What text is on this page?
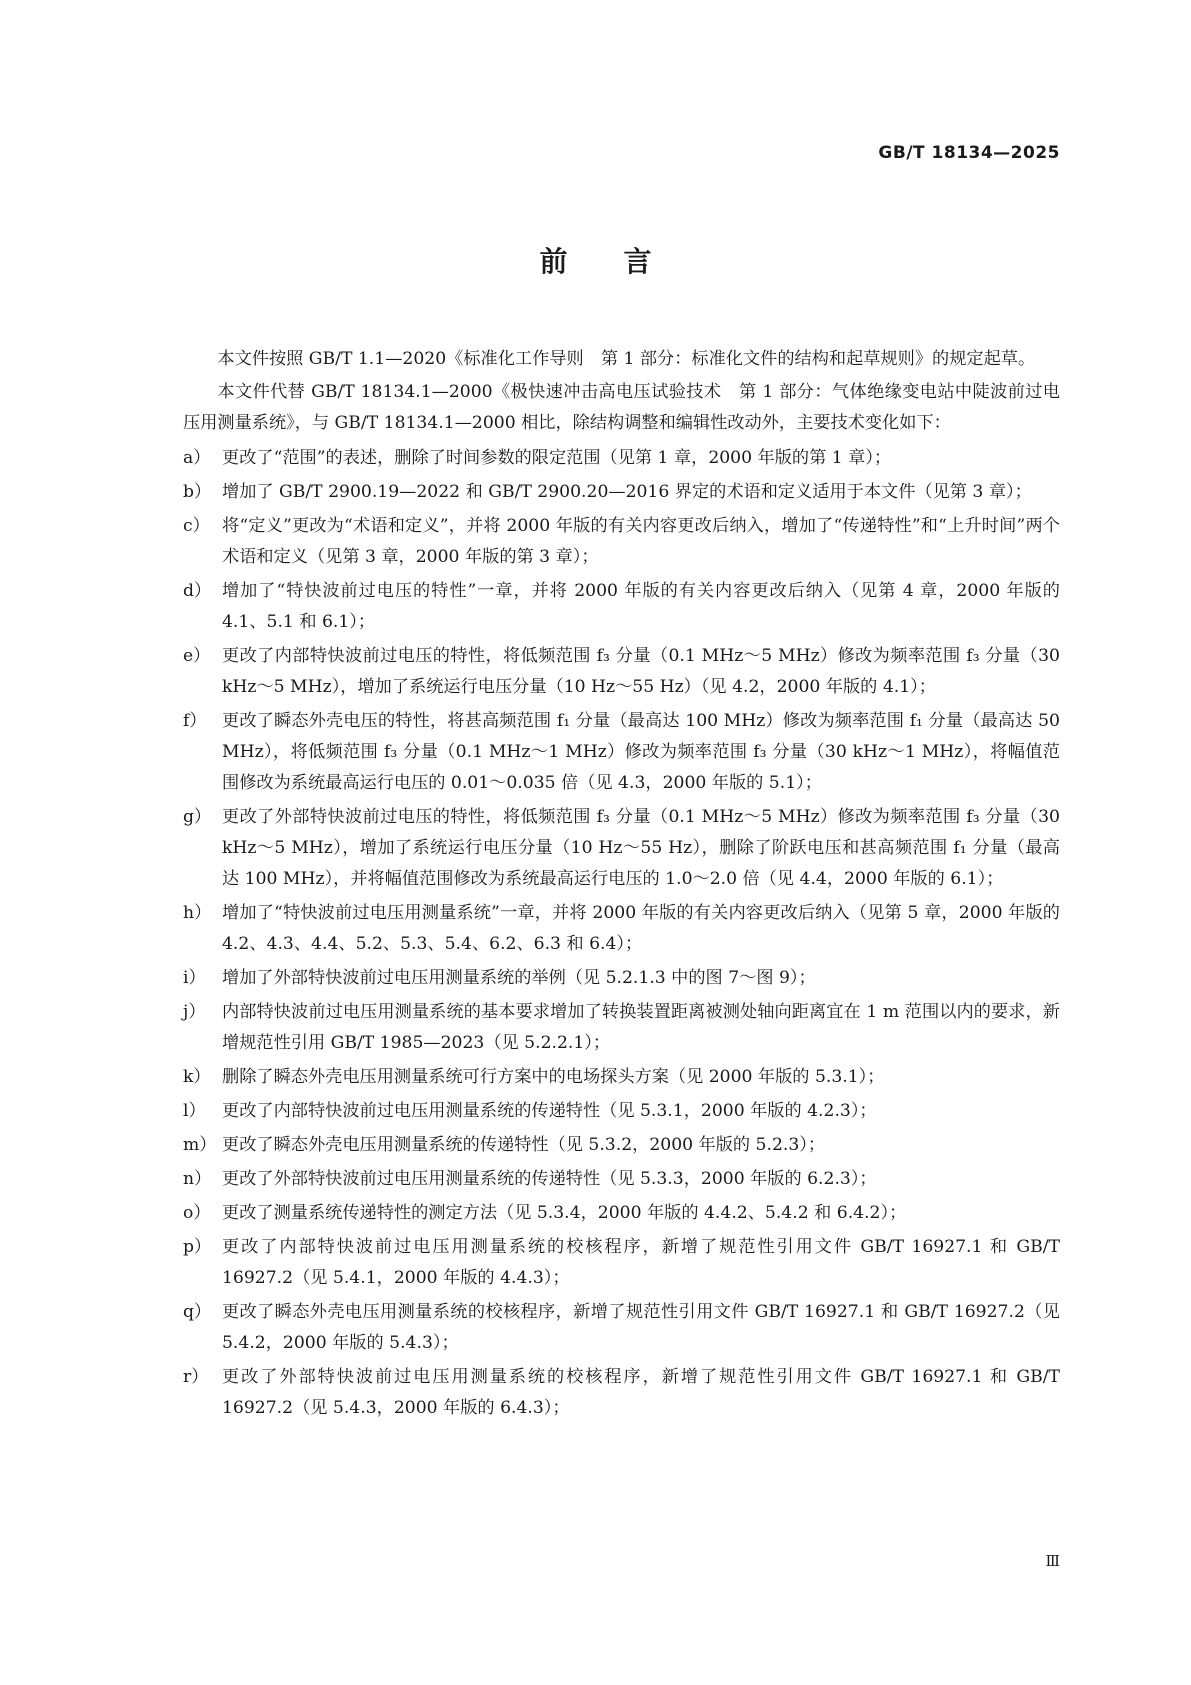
GB/T 18134—2025
前言

本文件按照 GB/T 1.1—2020《标准化工作导则　第 1 部分：标准化文件的结构和起草规则》的规定起草。

本文件代替 GB/T 18134.1—2000《极快速冲击高电压试验技术　第 1 部分：气体绝缘变电站中陡波前过电压用测量系统》，与 GB/T 18134.1—2000 相比，除结构调整和编辑性改动外，主要技术变化如下：

a） 更改了“范围”的表述，删除了时间参数的限定范围（见第 1 章，2000 年版的第 1 章）；
b） 增加了 GB/T 2900.19—2022 和 GB/T 2900.20—2016 界定的术语和定义适用于本文件（见第 3 章）；
c） 将“定义”更改为“术语和定义”，并将 2000 年版的有关内容更改后纳入，增加了“传递特性”和“上升时间”两个术语和定义（见第 3 章，2000 年版的第 3 章）；
d） 增加了“特快波前过电压的特性”一章，并将 2000 年版的有关内容更改后纳入（见第 4 章，2000 年版的 4.1、5.1 和 6.1）；
e） 更改了内部特快波前过电压的特性，将低频范围 f₃ 分量（0.1 MHz～5 MHz）修改为频率范围 f₃ 分量（30 kHz～5 MHz），增加了系统运行电压分量（10 Hz～55 Hz）（见 4.2，2000 年版的 4.1）；
f） 更改了瞬态外壳电压的特性，将甚高频范围 f₁ 分量（最高达 100 MHz）修改为频率范围 f₁ 分量（最高达 50 MHz），将低频范围 f₃ 分量（0.1 MHz～1 MHz）修改为频率范围 f₃ 分量（30 kHz～1 MHz），将幅值范围修改为系统最高运行电压的 0.01～0.035 倍（见 4.3，2000 年版的 5.1）；
g） 更改了外部特快波前过电压的特性，将低频范围 f₃ 分量（0.1 MHz～5 MHz）修改为频率范围 f₃ 分量（30 kHz～5 MHz），增加了系统运行电压分量（10 Hz～55 Hz），删除了阶跃电压和甚高频范围 f₁ 分量（最高达 100 MHz），并将幅值范围修改为系统最高运行电压的 1.0～2.0 倍（见 4.4，2000 年版的 6.1）；
h） 增加了“特快波前过电压用测量系统”一章，并将 2000 年版的有关内容更改后纳入（见第 5 章，2000 年版的 4.2、4.3、4.4、5.2、5.3、5.4、6.2、6.3 和 6.4）；
i） 增加了外部特快波前过电压用测量系统的举例（见 5.2.1.3 中的图 7～图 9）；
j） 内部特快波前过电压用测量系统的基本要求增加了转换装置距离被测处轴向距离宜在 1 m 范围以内的要求，新增规范性引用 GB/T 1985—2023（见 5.2.2.1）；
k） 删除了瞬态外壳电压用测量系统可行方案中的电场探头方案（见 2000 年版的 5.3.1）；
l） 更改了内部特快波前过电压用测量系统的传递特性（见 5.3.1，2000 年版的 4.2.3）；
m） 更改了瞬态外壳电压用测量系统的传递特性（见 5.3.2，2000 年版的 5.2.3）；
n） 更改了外部特快波前过电压用测量系统的传递特性（见 5.3.3，2000 年版的 6.2.3）；
o） 更改了测量系统传递特性的测定方法（见 5.3.4，2000 年版的 4.4.2、5.4.2 和 6.4.2）；
p） 更改了内部特快波前过电压用测量系统的校核程序，新增了规范性引用文件 GB/T 16927.1 和 GB/T 16927.2（见 5.4.1，2000 年版的 4.4.3）；
q） 更改了瞬态外壳电压用测量系统的校核程序，新增了规范性引用文件 GB/T 16927.1 和 GB/T 16927.2（见 5.4.2，2000 年版的 5.4.3）；
r） 更改了外部特快波前过电压用测量系统的校核程序，新增了规范性引用文件 GB/T 16927.1 和 GB/T 16927.2（见 5.4.3，2000 年版的 6.4.3）；
Ⅲ
